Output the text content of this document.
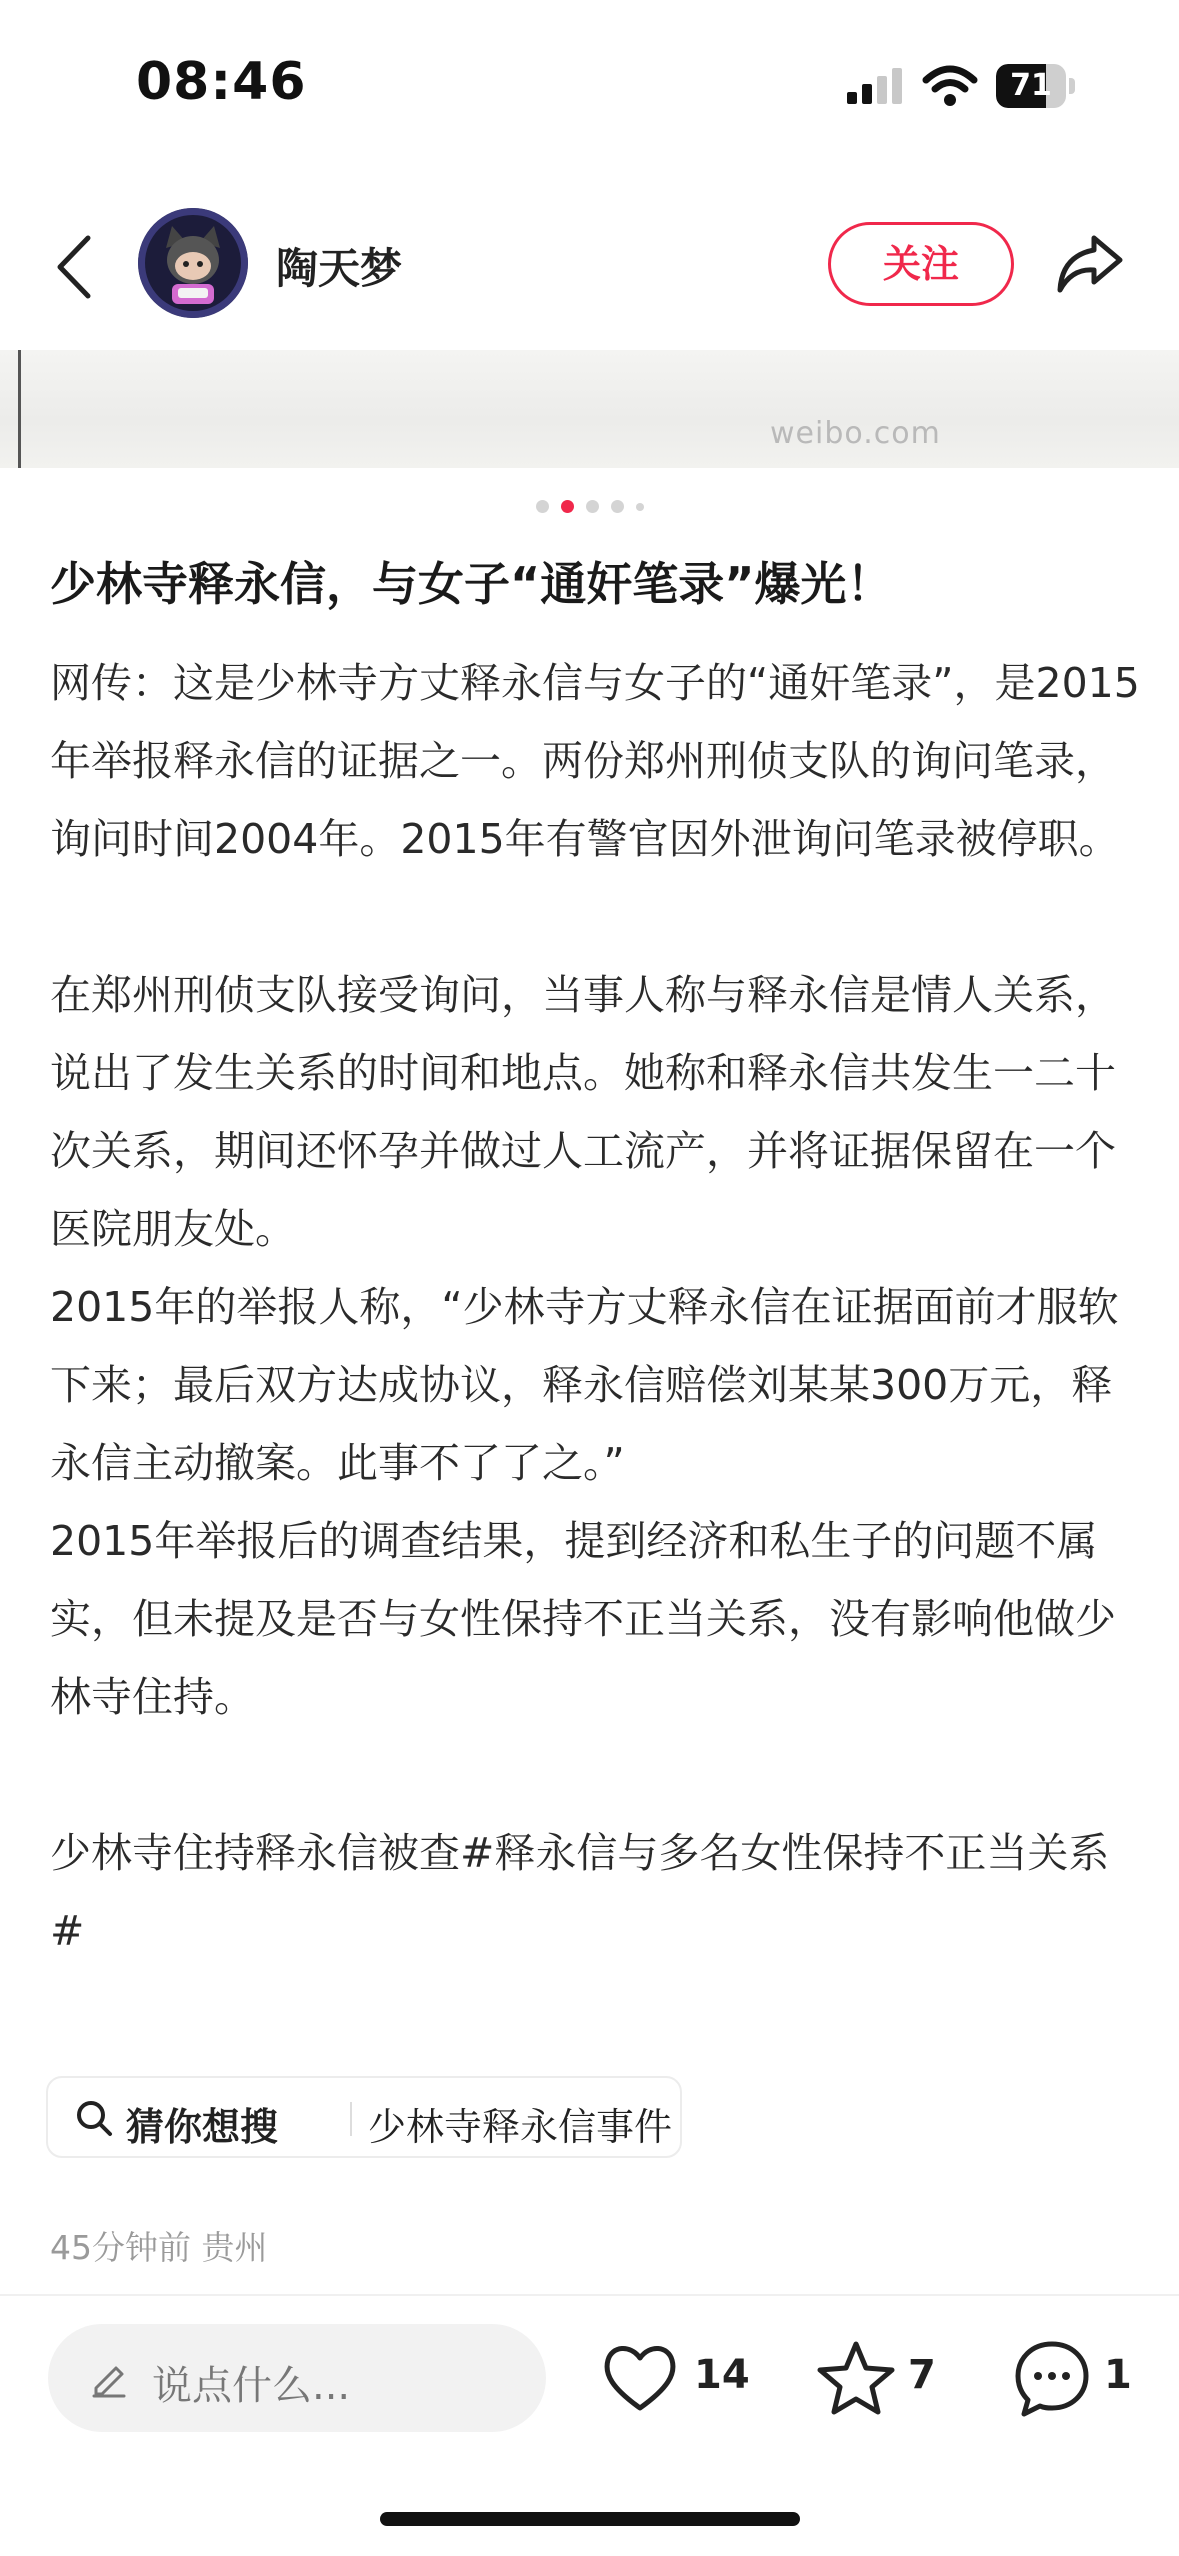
08:46	71
陶天梦	关注
weibo.com
少林寺释永信，与女子“通奸笔录”爆光！

网传：这是少林寺方丈释永信与女子的“通奸笔录”，是2015年举报释永信的证据之一。两份郑州刑侦支队的询问笔录，询问时间2004年。2015年有警官因外泄询问笔录被停职。

在郑州刑侦支队接受询问，当事人称与释永信是情人关系，说出了发生关系的时间和地点。她称和释永信共发生一二十次关系，期间还怀孕并做过人工流产，并将证据保留在一个医院朋友处。

2015年的举报人称，“少林寺方丈释永信在证据面前才服软下来；最后双方达成协议，释永信赔偿刘某某300万元，释永信主动撤案。此事不了了之。”

2015年举报后的调查结果，提到经济和私生子的问题不属实，但未提及是否与女性保持不正当关系，没有影响他做少林寺住持。

少林寺住持释永信被查#释永信与多名女性保持不正当关系 #

猜你想搜 少林寺释永信事件
45分钟前 贵州
说点什么...	14	7	1
